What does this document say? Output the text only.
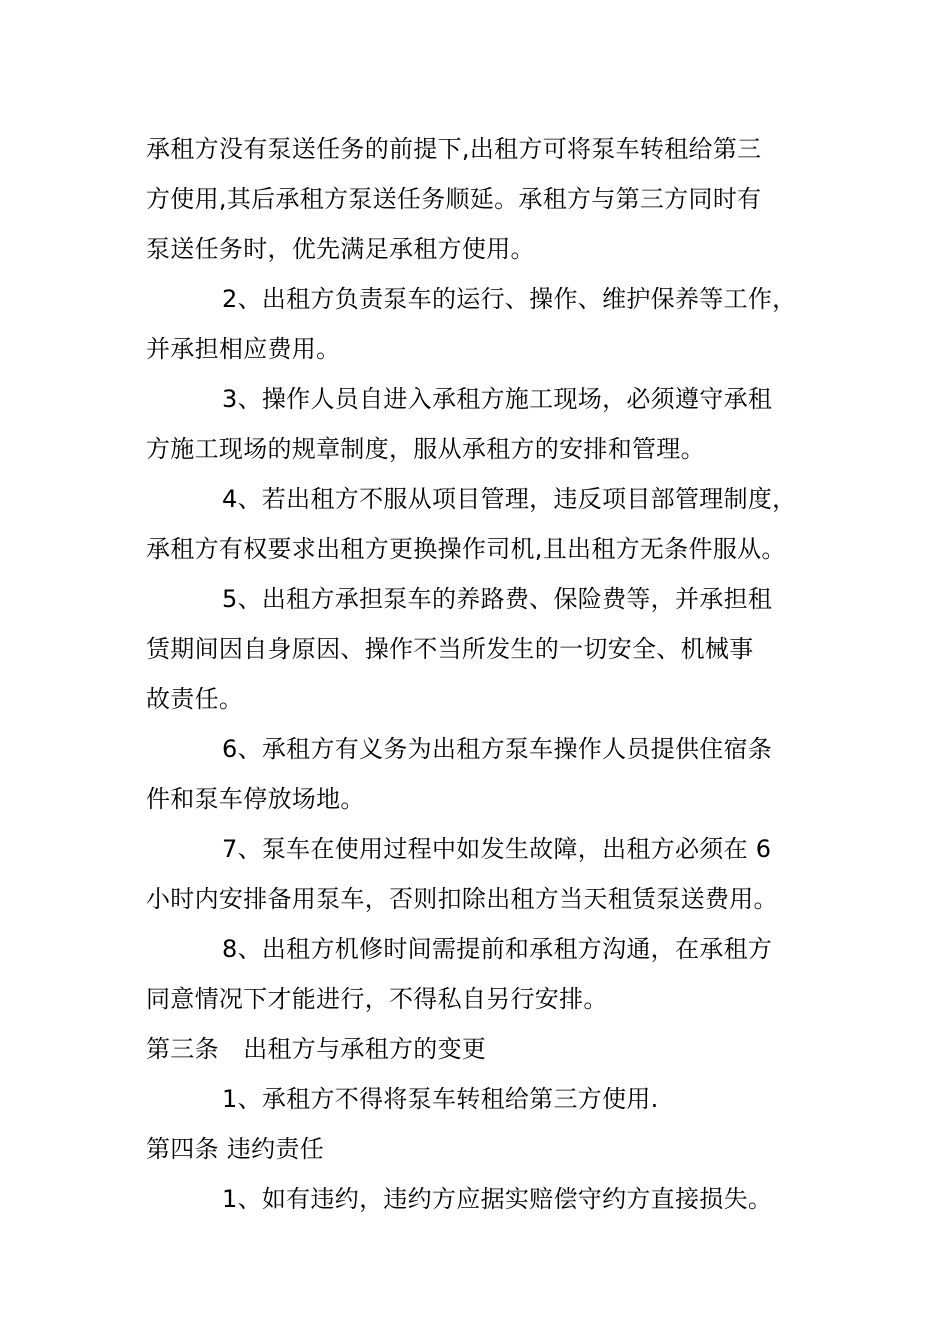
承租方没有泵送任务的前提下,出租方可将泵车转租给第三
方使用,其后承租方泵送任务顺延。承租方与第三方同时有
泵送任务时，优先满足承租方使用。
2、出租方负责泵车的运行、操作、维护保养等工作，
并承担相应费用。
3、操作人员自进入承租方施工现场，必须遵守承租
方施工现场的规章制度，服从承租方的安排和管理。
4、若出租方不服从项目管理，违反项目部管理制度，
承租方有权要求出租方更换操作司机,且出租方无条件服从。
5、出租方承担泵车的养路费、保险费等，并承担租
赁期间因自身原因、操作不当所发生的一切安全、机械事
故责任。
6、承租方有义务为出租方泵车操作人员提供住宿条
件和泵车停放场地。
7、泵车在使用过程中如发生故障，出租方必须在 6
小时内安排备用泵车，否则扣除出租方当天租赁泵送费用。
8、出租方机修时间需提前和承租方沟通，在承租方
同意情况下才能进行，不得私自另行安排。
第三条　出租方与承租方的变更
1、承租方不得将泵车转租给第三方使用.
第四条 违约责任
1、如有违约，违约方应据实赔偿守约方直接损失。
